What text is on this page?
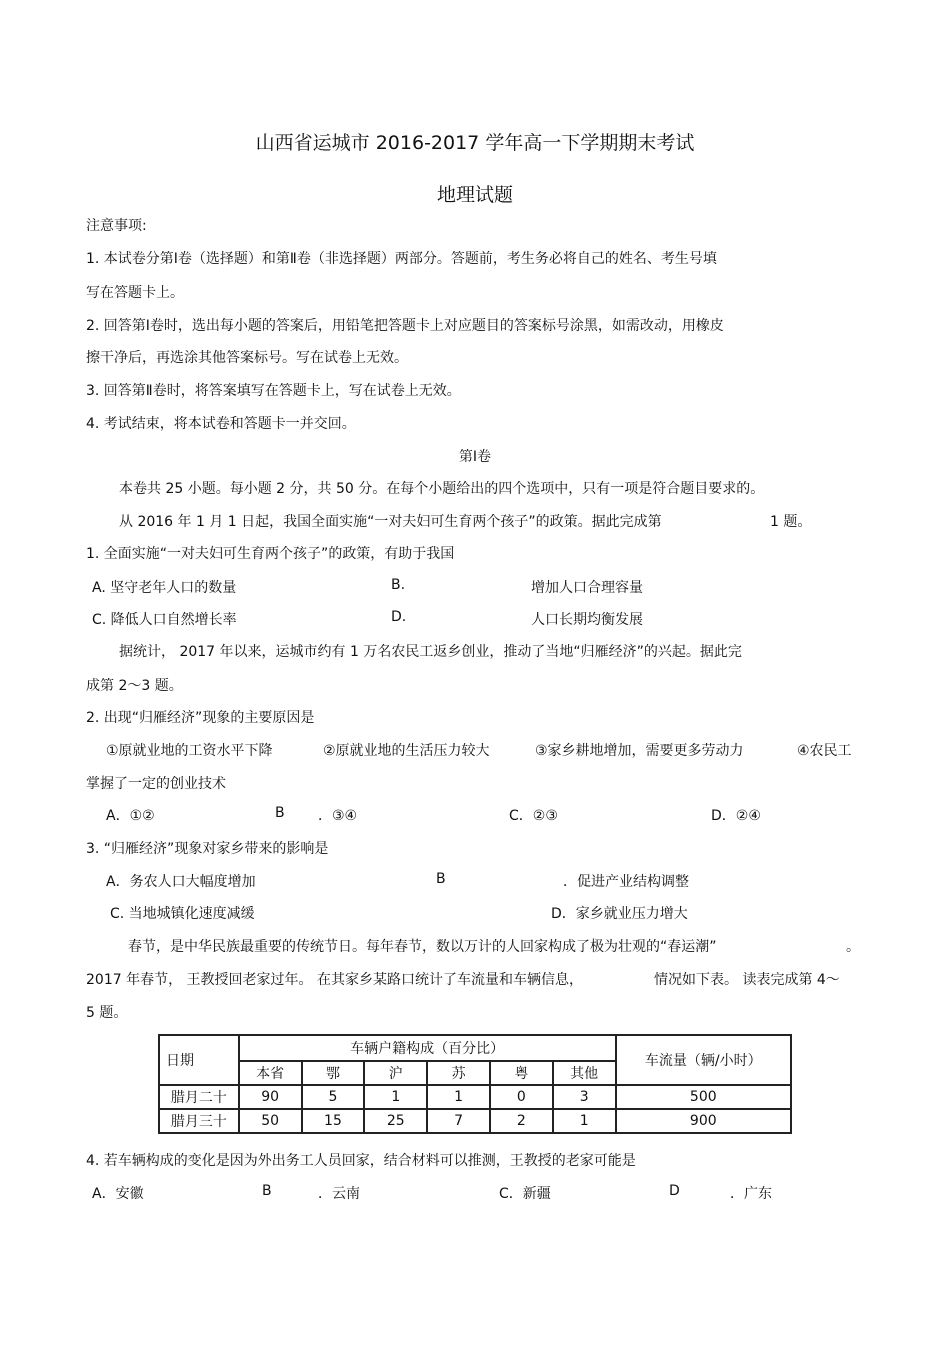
山西省运城市 2016-2017 学年高一下学期期末考试
地理试题
注意事项:
1. 本试卷分第Ⅰ卷（选择题）和第Ⅱ卷（非选择题）两部分。答题前，考生务必将自己的姓名、考生号填
写在答题卡上。
2. 回答第Ⅰ卷时，选出每小题的答案后，用铅笔把答题卡上对应题目的答案标号涂黑，如需改动，用橡皮
擦干净后，再选涂其他答案标号。写在试卷上无效。
3. 回答第Ⅱ卷时，将答案填写在答题卡上，写在试卷上无效。
4. 考试结束，将本试卷和答题卡一并交回。
第Ⅰ卷
本卷共 25 小题。每小题 2 分，共 50 分。在每个小题给出的四个选项中，只有一项是符合题目要求的。
从 2016 年 1 月 1 日起，我国全面实施“一对夫妇可生育两个孩子”的政策。据此完成第	1 题。
1. 全面实施“一对夫妇可生育两个孩子”的政策，有助于我国
A. 坚守老年人口的数量	B.	增加人口合理容量
C. 降低人口自然增长率	D.	人口长期均衡发展
据统计， 2017 年以来，运城市约有 1 万名农民工返乡创业，推动了当地“归雁经济”的兴起。据此完
成第 2～3 题。
2. 出现“归雁经济”现象的主要原因是
①原就业地的工资水平下降	②原就业地的生活压力较大	③家乡耕地增加，需要更多劳动力	④农民工
掌握了一定的创业技术
A．①②	B ．③④	C．②③	D．②④
3. “归雁经济”现象对家乡带来的影响是
A．务农人口大幅度增加	B	．促进产业结构调整
C. 当地城镇化速度减缓	D．家乡就业压力增大
春节，是中华民族最重要的传统节日。每年春节，数以万计的人回家构成了极为壮观的“春运潮”	。
2017 年春节， 王教授回老家过年。 在其家乡某路口统计了车流量和车辆信息，	情况如下表。 读表完成第 4～
5 题。
日期	车辆户籍构成（百分比）						车流量（辆/小时）
	本省	鄂	沪	苏	粤	其他	
腊月二十	90	5	1	1	0	3	500
腊月三十	50	15	25	7	2	1	900
4. 若车辆构成的变化是因为外出务工人员回家，结合材料可以推测，王教授的老家可能是
A．安徽	B	．云南	C．新疆	D	．广东
